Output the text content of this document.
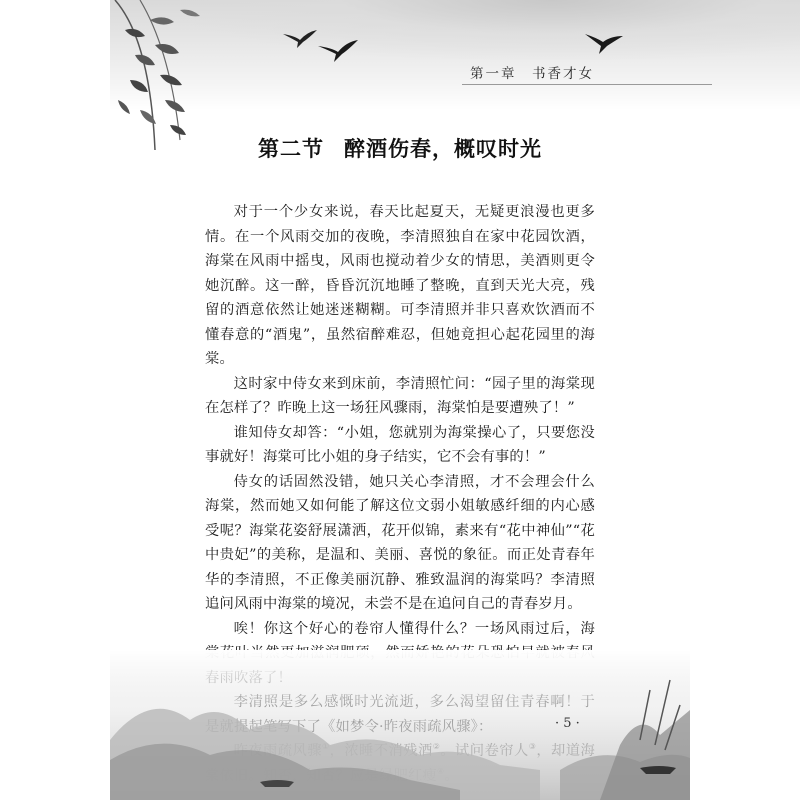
第一章　书香才女
第二节 醉酒伤春，概叹时光

对于一个少女来说，春天比起夏天，无疑更浪漫也更多情。在一个风雨交加的夜晚，李清照独自在家中花园饮酒，海棠在风雨中摇曳，风雨也搅动着少女的情思，美酒则更令她沉醉。这一醉，昏昏沉沉地睡了整晚，直到天光大亮，残留的酒意依然让她迷迷糊糊。可李清照并非只喜欢饮酒而不懂春意的“酒鬼”，虽然宿醉难忍，但她竟担心起花园里的海棠。

这时家中侍女来到床前，李清照忙问：“园子里的海棠现在怎样了？昨晚上这一场狂风骤雨，海棠怕是要遭殃了！”

谁知侍女却答：“小姐，您就别为海棠操心了，只要您没事就好！海棠可比小姐的身子结实，它不会有事的！”

侍女的话固然没错，她只关心李清照，才不会理会什么海棠，然而她又如何能了解这位文弱小姐敏感纤细的内心感受呢？海棠花姿舒展潇洒，花开似锦，素来有“花中神仙”“花中贵妃”的美称，是温和、美丽、喜悦的象征。而正处青春年华的李清照，不正像美丽沉静、雅致温润的海棠吗？李清照追问风雨中海棠的境况，未尝不是在追问自己的青春岁月。

唉！你这个好心的卷帘人懂得什么？一场风雨过后，海

· 5 ·
